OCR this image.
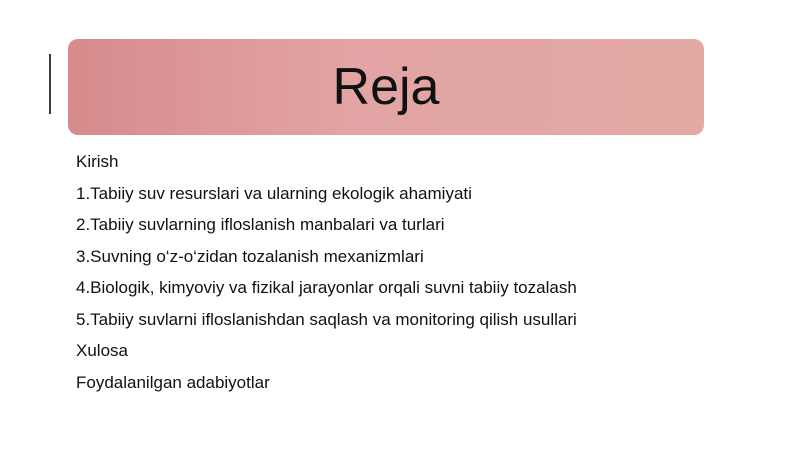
Reja
Kirish
1.Tabiiy suv resurslari va ularning ekologik ahamiyati
2.Tabiiy suvlarning ifloslanish manbalari va turlari
3.Suvning o‘z-o‘zidan tozalanish mexanizmlari
4.Biologik, kimyoviy va fizikal jarayonlar orqali suvni tabiiy tozalash
5.Tabiiy suvlarni ifloslanishdan saqlash va monitoring qilish usullari
Xulosa
Foydalanilgan adabiyotlar
